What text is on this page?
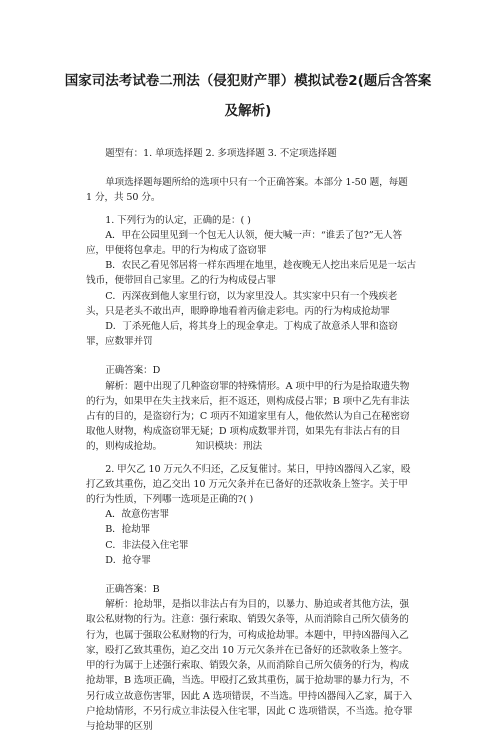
国家司法考试卷二刑法（侵犯财产罪）模拟试卷2(题后含答案及解析)

题型有：1. 单项选择题 2. 多项选择题 3. 不定项选择题

单项选择题每题所给的选项中只有一个正确答案。本部分 1-50 题，每题 1 分，共 50 分。

1. 下列行为的认定，正确的是：( )

A．甲在公园里见到一个包无人认领，便大喊一声：“谁丢了包?”无人答应，甲便将包拿走。甲的行为构成了盗窃罪

B．农民乙看见邻居将一样东西埋在地里，趁夜晚无人挖出来后见是一坛古钱币，便带回自己家里。乙的行为构成侵占罪

C．丙深夜到他人家里行窃，以为家里没人。其实家中只有一个残疾老头，只是老头不敢出声，眼睁睁地看着丙偷走彩电。丙的行为构成抢劫罪

D．丁杀死他人后，将其身上的现金拿走。丁构成了故意杀人罪和盗窃罪，应数罪并罚

正确答案：D

解析：题中出现了几种盗窃罪的特殊情形。A 项中甲的行为是拾取遗失物的行为，如果甲在失主找来后，拒不返还，则构成侵占罪；B 项中乙先有非法占有的目的，是盗窃行为；C 项丙不知道家里有人，他依然认为自己在秘密窃取他人财物，构成盗窃罪无疑；D 项构成数罪并罚，如果先有非法占有的目的，则构成抢劫。	知识模块：刑法

2. 甲欠乙 10 万元久不归还，乙反复催讨。某日，甲持凶器闯入乙家，殴打乙致其重伤，迫乙交出 10 万元欠条并在已备好的还款收条上签字。关于甲的行为性质，下列哪一选项是正确的?( )

A．故意伤害罪

B．抢劫罪

C．非法侵入住宅罪

D．抢夺罪

正确答案：B

解析：抢劫罪，是指以非法占有为目的，以暴力、胁迫或者其他方法，强取公私财物的行为。注意：强行索取、销毁欠条等，从而消除自己所欠债务的行为，也属于强取公私财物的行为，可构成抢劫罪。本题中，甲持凶器闯入乙家，殴打乙致其重伤，迫乙交出 10 万元欠条并在已备好的还款收条上签字。甲的行为属于上述强行索取、销毁欠条，从而消除自己所欠债务的行为，构成抢劫罪，B 选项正确，当选。甲殴打乙致其重伤，属于抢劫罪的暴力行为，不另行成立故意伤害罪，因此 A 选项错误，不当选。甲持凶器闯入乙家，属于入户抢劫情形，不另行成立非法侵入住宅罪，因此 C 选项错误，不当选。抢夺罪与抢劫罪的区别
